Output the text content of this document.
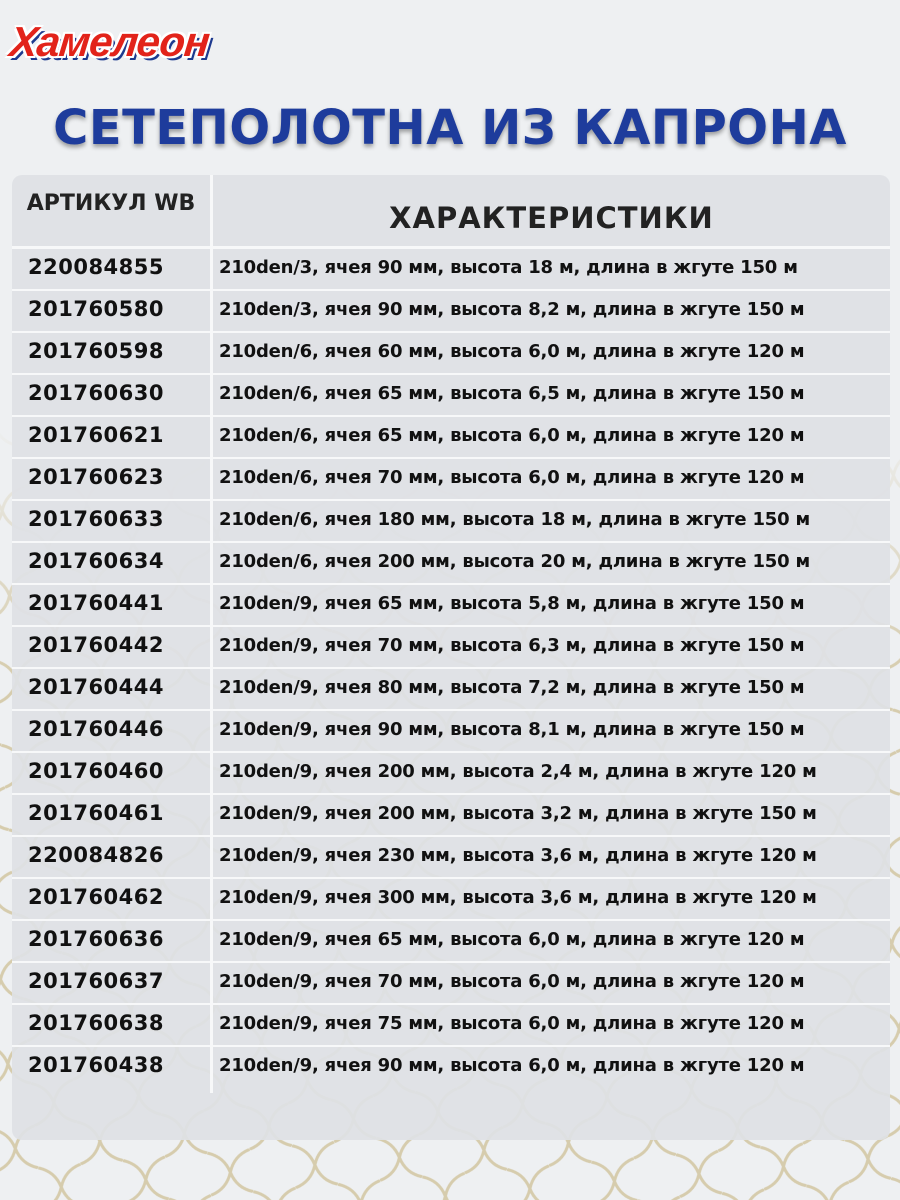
Хамелеон
СЕТЕПОЛОТНА ИЗ КАПРОНА
АРТИКУЛ WB	ХАРАКТЕРИСТИКИ
220084855	210den/3, ячея 90 мм, высота 18 м, длина в жгуте 150 м
201760580	210den/3, ячея 90 мм, высота 8,2 м, длина в жгуте 150 м
201760598	210den/6, ячея 60 мм, высота 6,0 м, длина в жгуте 120 м
201760630	210den/6, ячея 65 мм, высота 6,5 м, длина в жгуте 150 м
201760621	210den/6, ячея 65 мм, высота 6,0 м, длина в жгуте 120 м
201760623	210den/6, ячея 70 мм, высота 6,0 м, длина в жгуте 120 м
201760633	210den/6, ячея 180 мм, высота 18 м, длина в жгуте 150 м
201760634	210den/6, ячея 200 мм, высота 20 м, длина в жгуте 150 м
201760441	210den/9, ячея 65 мм, высота 5,8 м, длина в жгуте 150 м
201760442	210den/9, ячея 70 мм, высота 6,3 м, длина в жгуте 150 м
201760444	210den/9, ячея 80 мм, высота 7,2 м, длина в жгуте 150 м
201760446	210den/9, ячея 90 мм, высота 8,1 м, длина в жгуте 150 м
201760460	210den/9, ячея 200 мм, высота 2,4 м, длина в жгуте 120 м
201760461	210den/9, ячея 200 мм, высота 3,2 м, длина в жгуте 150 м
220084826	210den/9, ячея 230 мм, высота 3,6 м, длина в жгуте 120 м
201760462	210den/9, ячея 300 мм, высота 3,6 м, длина в жгуте 120 м
201760636	210den/9, ячея 65 мм, высота 6,0 м, длина в жгуте 120 м
201760637	210den/9, ячея 70 мм, высота 6,0 м, длина в жгуте 120 м
201760638	210den/9, ячея 75 мм, высота 6,0 м, длина в жгуте 120 м
201760438	210den/9, ячея 90 мм, высота 6,0 м, длина в жгуте 120 м
